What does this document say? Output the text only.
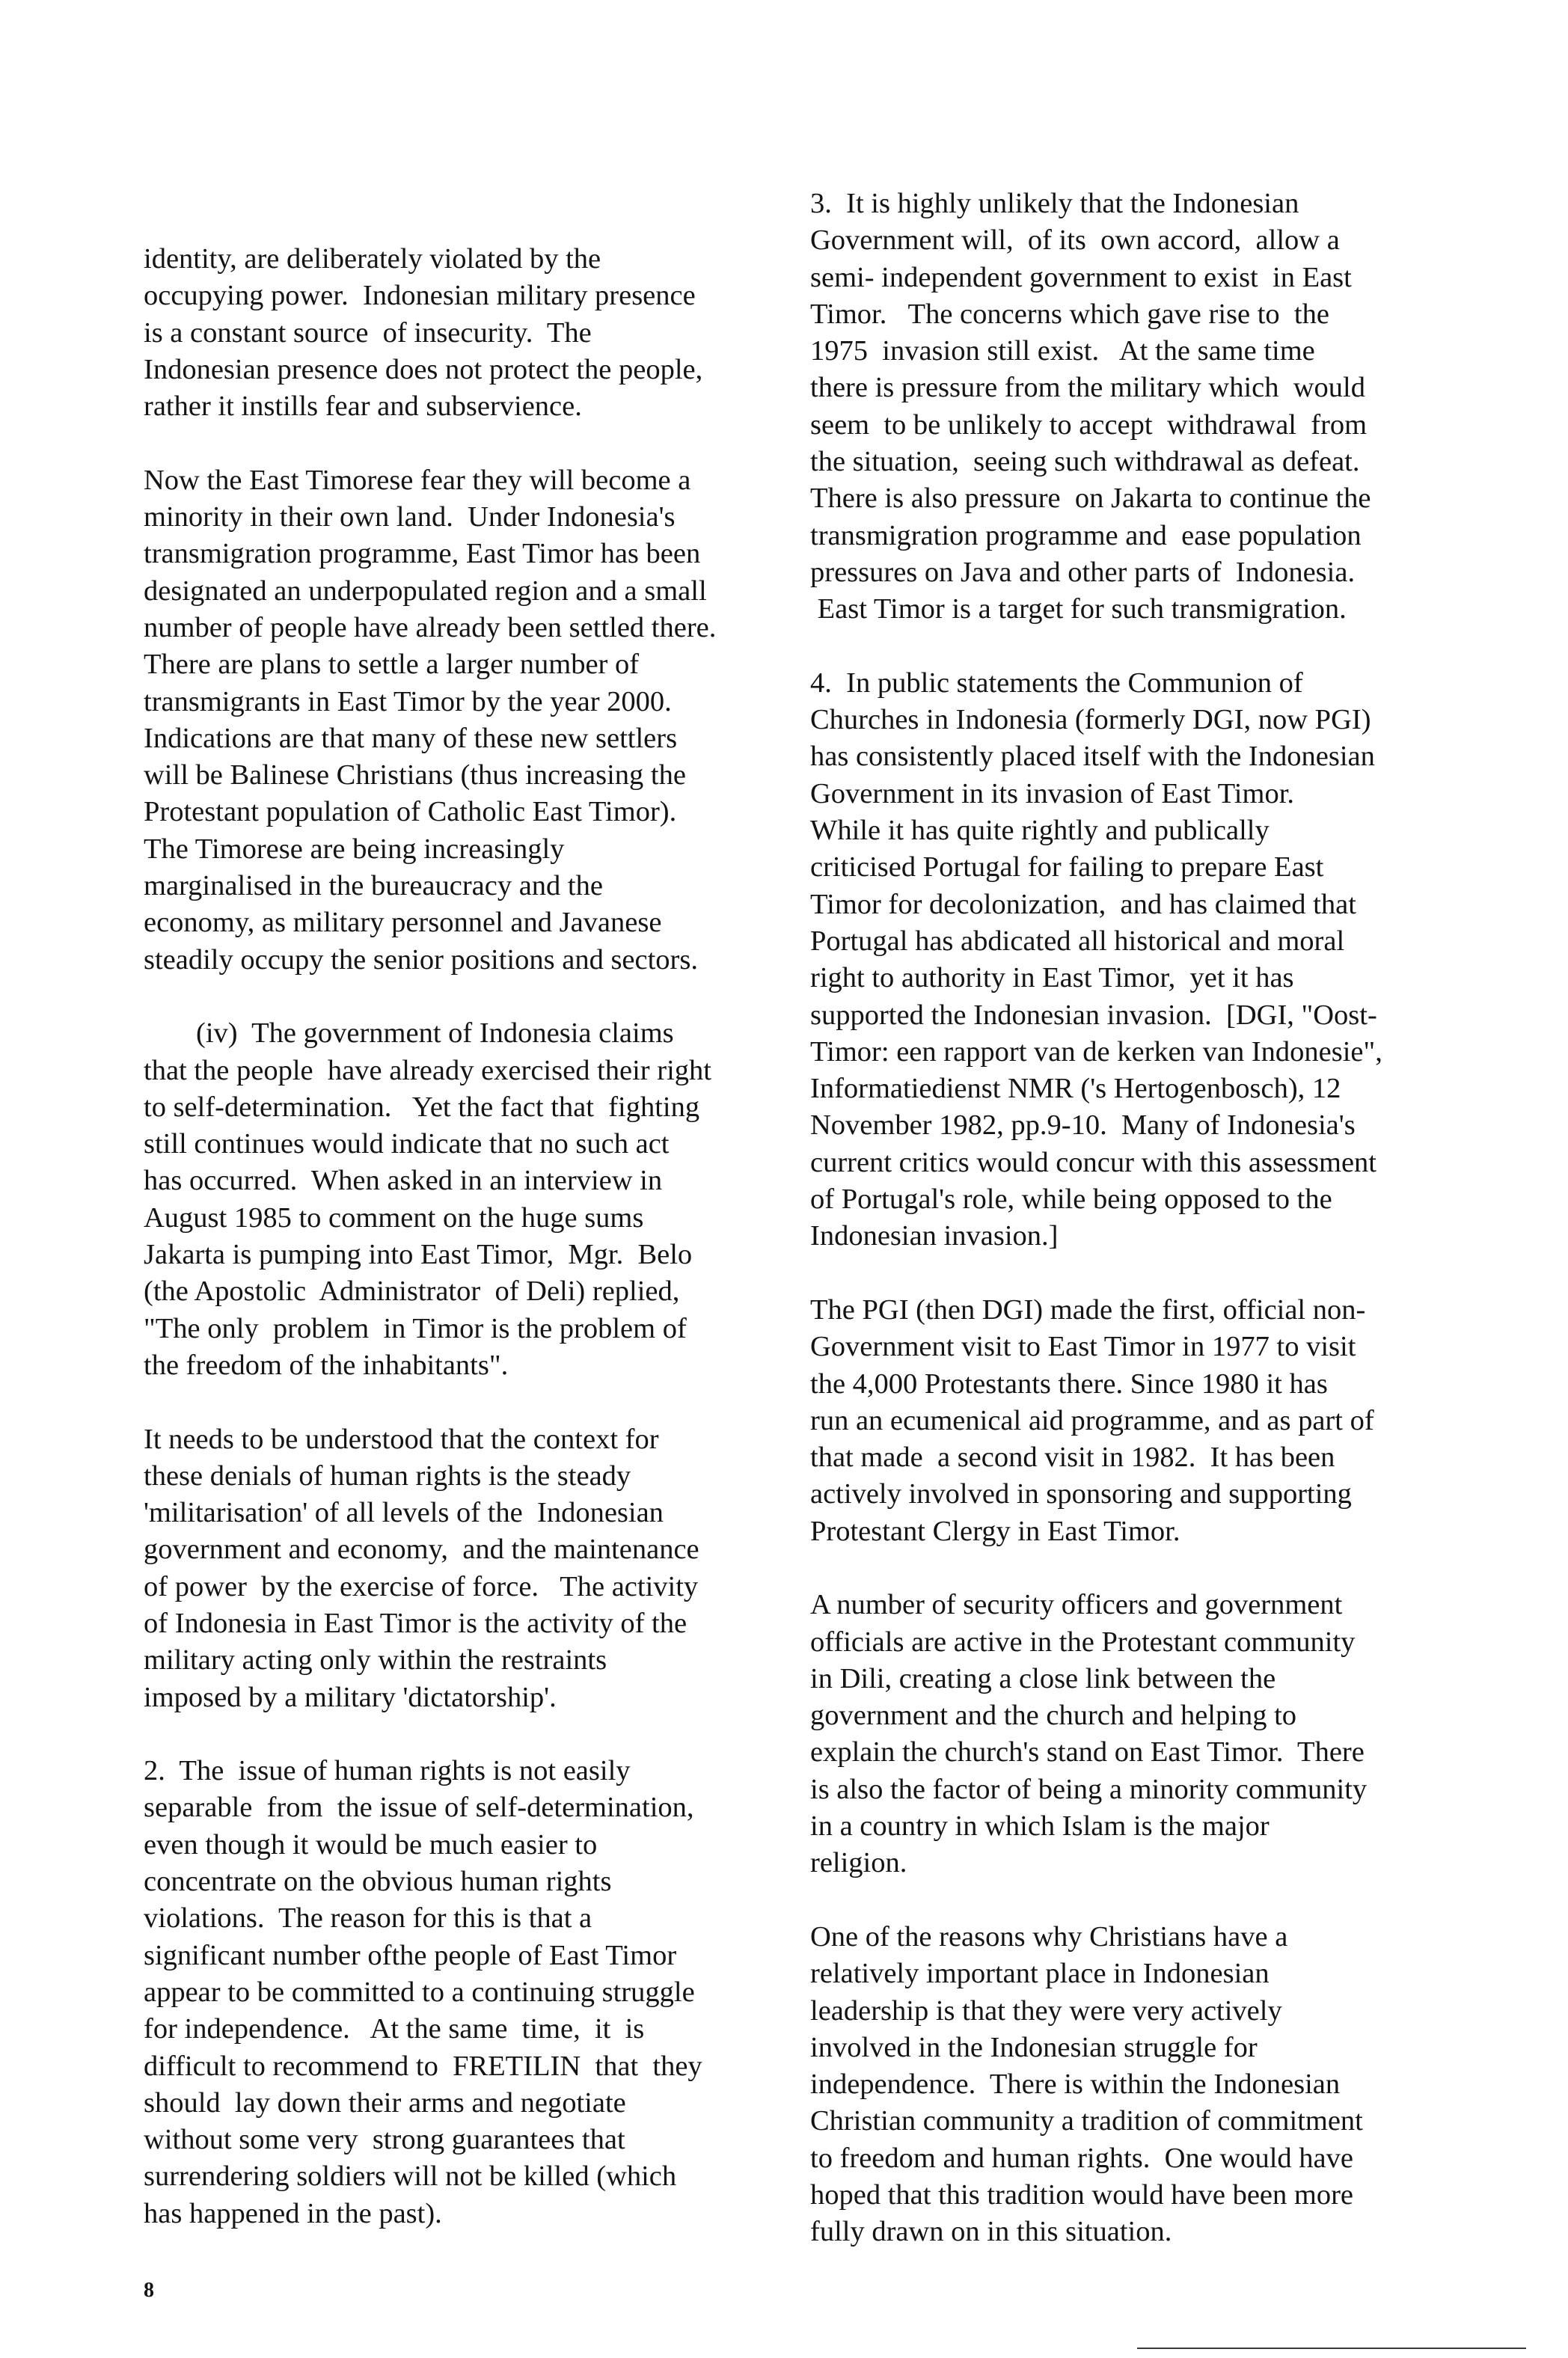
identity, are deliberately violated by the

occupying power.  Indonesian military presence

is a constant source  of insecurity.  The

Indonesian presence does not protect the people,

rather it instills fear and subservience.

Now the East Timorese fear they will become a

minority in their own land.  Under Indonesia's

transmigration programme, East Timor has been

designated an underpopulated region and a small

number of people have already been settled there.

There are plans to settle a larger number of

transmigrants in East Timor by the year 2000.

Indications are that many of these new settlers

will be Balinese Christians (thus increasing the

Protestant population of Catholic East Timor).

The Timorese are being increasingly

marginalised in the bureaucracy and the

economy, as military personnel and Javanese

steadily occupy the senior positions and sectors.

(iv)  The government of Indonesia claims

that the people  have already exercised their right

to self-determination.   Yet the fact that  fighting

still continues would indicate that no such act

has occurred.  When asked in an interview in

August 1985 to comment on the huge sums

Jakarta is pumping into East Timor,  Mgr.  Belo

(the Apostolic  Administrator  of Deli) replied,

"The only  problem  in Timor is the problem of

the freedom of the inhabitants".

It needs to be understood that the context for

these denials of human rights is the steady

'militarisation' of all levels of the  Indonesian

government and economy,  and the maintenance

of power  by the exercise of force.   The activity

of Indonesia in East Timor is the activity of the

military acting only within the restraints

imposed by a military 'dictatorship'.

2.  The  issue of human rights is not easily

separable  from  the issue of self-determination,

even though it would be much easier to

concentrate on the obvious human rights

violations.  The reason for this is that a

significant number ofthe people of East Timor

appear to be committed to a continuing struggle

for independence.   At the same  time,  it  is

difficult to recommend to  FRETILIN  that  they

should  lay down their arms and negotiate

without some very  strong guarantees that

surrendering soldiers will not be killed (which

has happened in the past).

3.  It is highly unlikely that the Indonesian

Government will,  of its  own accord,  allow a

semi- independent government to exist  in East

Timor.   The concerns which gave rise to  the

1975  invasion still exist.   At the same time

there is pressure from the military which  would

seem  to be unlikely to accept  withdrawal  from

the situation,  seeing such withdrawal as defeat.

There is also pressure  on Jakarta to continue the

transmigration programme and  ease population

pressures on Java and other parts of  Indonesia.

East Timor is a target for such transmigration.

4.  In public statements the Communion of

Churches in Indonesia (formerly DGI, now PGI)

has consistently placed itself with the Indonesian

Government in its invasion of East Timor.

While it has quite rightly and publically

criticised Portugal for failing to prepare East

Timor for decolonization,  and has claimed that

Portugal has abdicated all historical and moral

right to authority in East Timor,  yet it has

supported the Indonesian invasion.  [DGI, "Oost-

Timor: een rapport van de kerken van Indonesie",

Informatiedienst NMR ('s Hertogenbosch), 12

November 1982, pp.9-10.  Many of Indonesia's

current critics would concur with this assessment

of Portugal's role, while being opposed to the

Indonesian invasion.]

The PGI (then DGI) made the first, official non-

Government visit to East Timor in 1977 to visit

the 4,000 Protestants there. Since 1980 it has

run an ecumenical aid programme, and as part of

that made  a second visit in 1982.  It has been

actively involved in sponsoring and supporting

Protestant Clergy in East Timor.

A number of security officers and government

officials are active in the Protestant community

in Dili, creating a close link between the

government and the church and helping to

explain the church's stand on East Timor.  There

is also the factor of being a minority community

in a country in which Islam is the major

religion.

One of the reasons why Christians have a

relatively important place in Indonesian

leadership is that they were very actively

involved in the Indonesian struggle for

independence.  There is within the Indonesian

Christian community a tradition of commitment

to freedom and human rights.  One would have

hoped that this tradition would have been more

fully drawn on in this situation.

8
